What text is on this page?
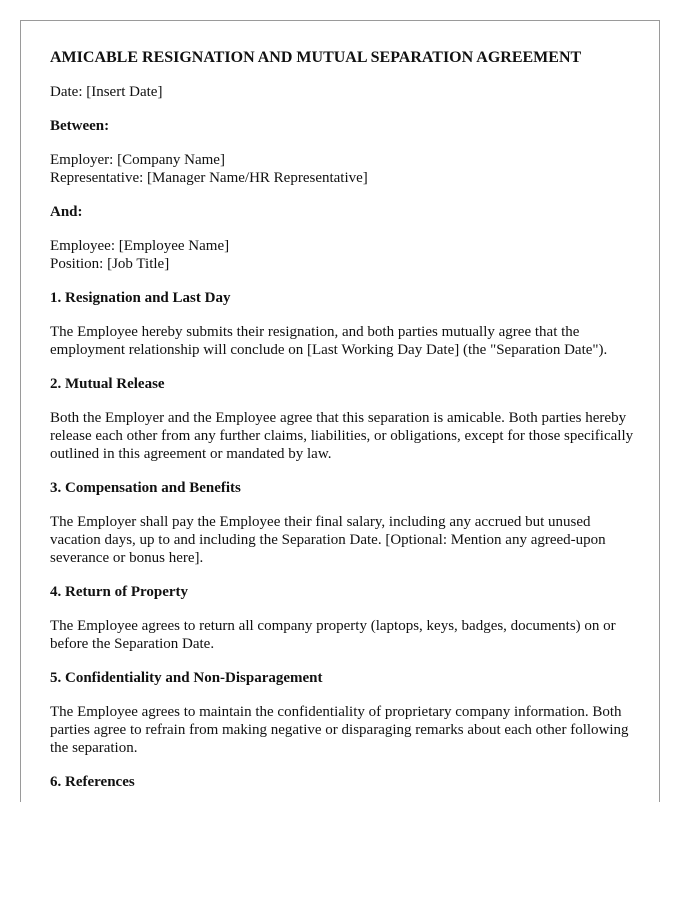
AMICABLE RESIGNATION AND MUTUAL SEPARATION AGREEMENT
Date: [Insert Date]
Between:
Employer: [Company Name]
Representative: [Manager Name/HR Representative]
And:
Employee: [Employee Name]
Position: [Job Title]
1. Resignation and Last Day
The Employee hereby submits their resignation, and both parties mutually agree that the employment relationship will conclude on [Last Working Day Date] (the "Separation Date").
2. Mutual Release
Both the Employer and the Employee agree that this separation is amicable. Both parties hereby release each other from any further claims, liabilities, or obligations, except for those specifically outlined in this agreement or mandated by law.
3. Compensation and Benefits
The Employer shall pay the Employee their final salary, including any accrued but unused vacation days, up to and including the Separation Date. [Optional: Mention any agreed-upon severance or bonus here].
4. Return of Property
The Employee agrees to return all company property (laptops, keys, badges, documents) on or before the Separation Date.
5. Confidentiality and Non-Disparagement
The Employee agrees to maintain the confidentiality of proprietary company information. Both parties agree to refrain from making negative or disparaging remarks about each other following the separation.
6. References
